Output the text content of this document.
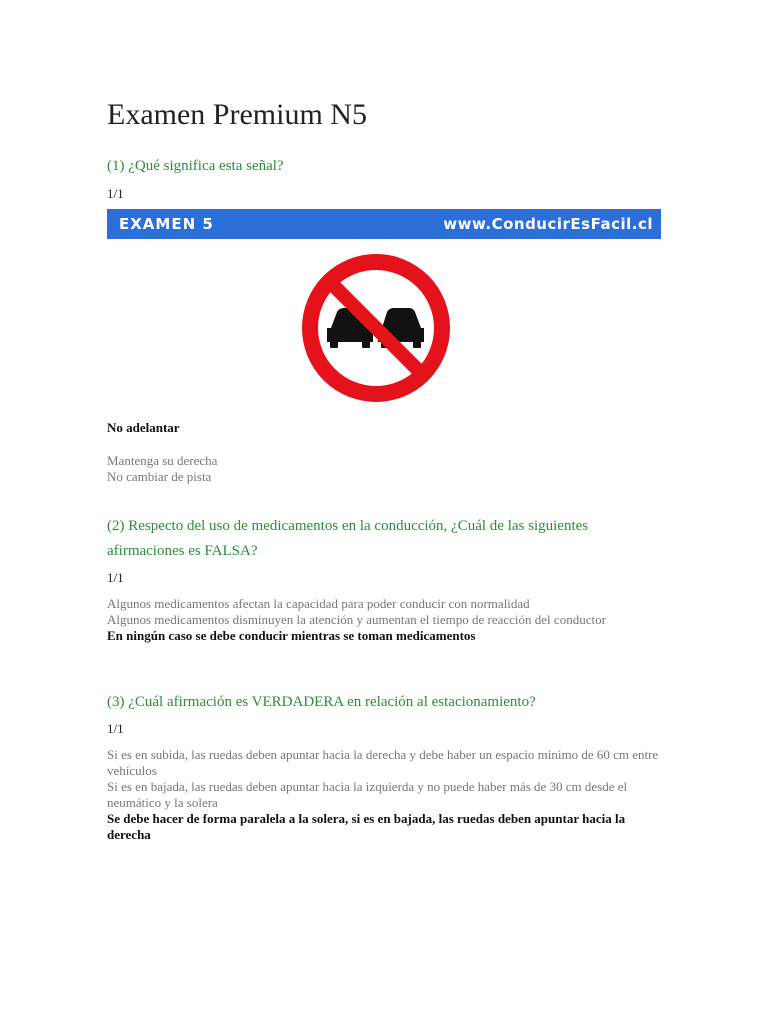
Examen Premium N5

(1) ¿Qué significa esta señal?

1/1
EXAMEN 5	www.ConducirEsFacil.cl
No adelantar
Mantenga su derecha
No cambiar de pista

(2) Respecto del uso de medicamentos en la conducción, ¿Cuál de las siguientes afirmaciones es FALSA?

1/1
Algunos medicamentos afectan la capacidad para poder conducir con normalidad
Algunos medicamentos disminuyen la atención y aumentan el tiempo de reacción del conductor
En ningún caso se debe conducir mientras se toman medicamentos

(3) ¿Cuál afirmación es VERDADERA en relación al estacionamiento?

1/1
Si es en subida, las ruedas deben apuntar hacia la derecha y debe haber un espacio mínimo de 60 cm entre vehículos
Si es en bajada, las ruedas deben apuntar hacia la izquierda y no puede haber más de 30 cm desde el neumático y la solera
Se debe hacer de forma paralela a la solera, si es en bajada, las ruedas deben apuntar hacia la derecha
